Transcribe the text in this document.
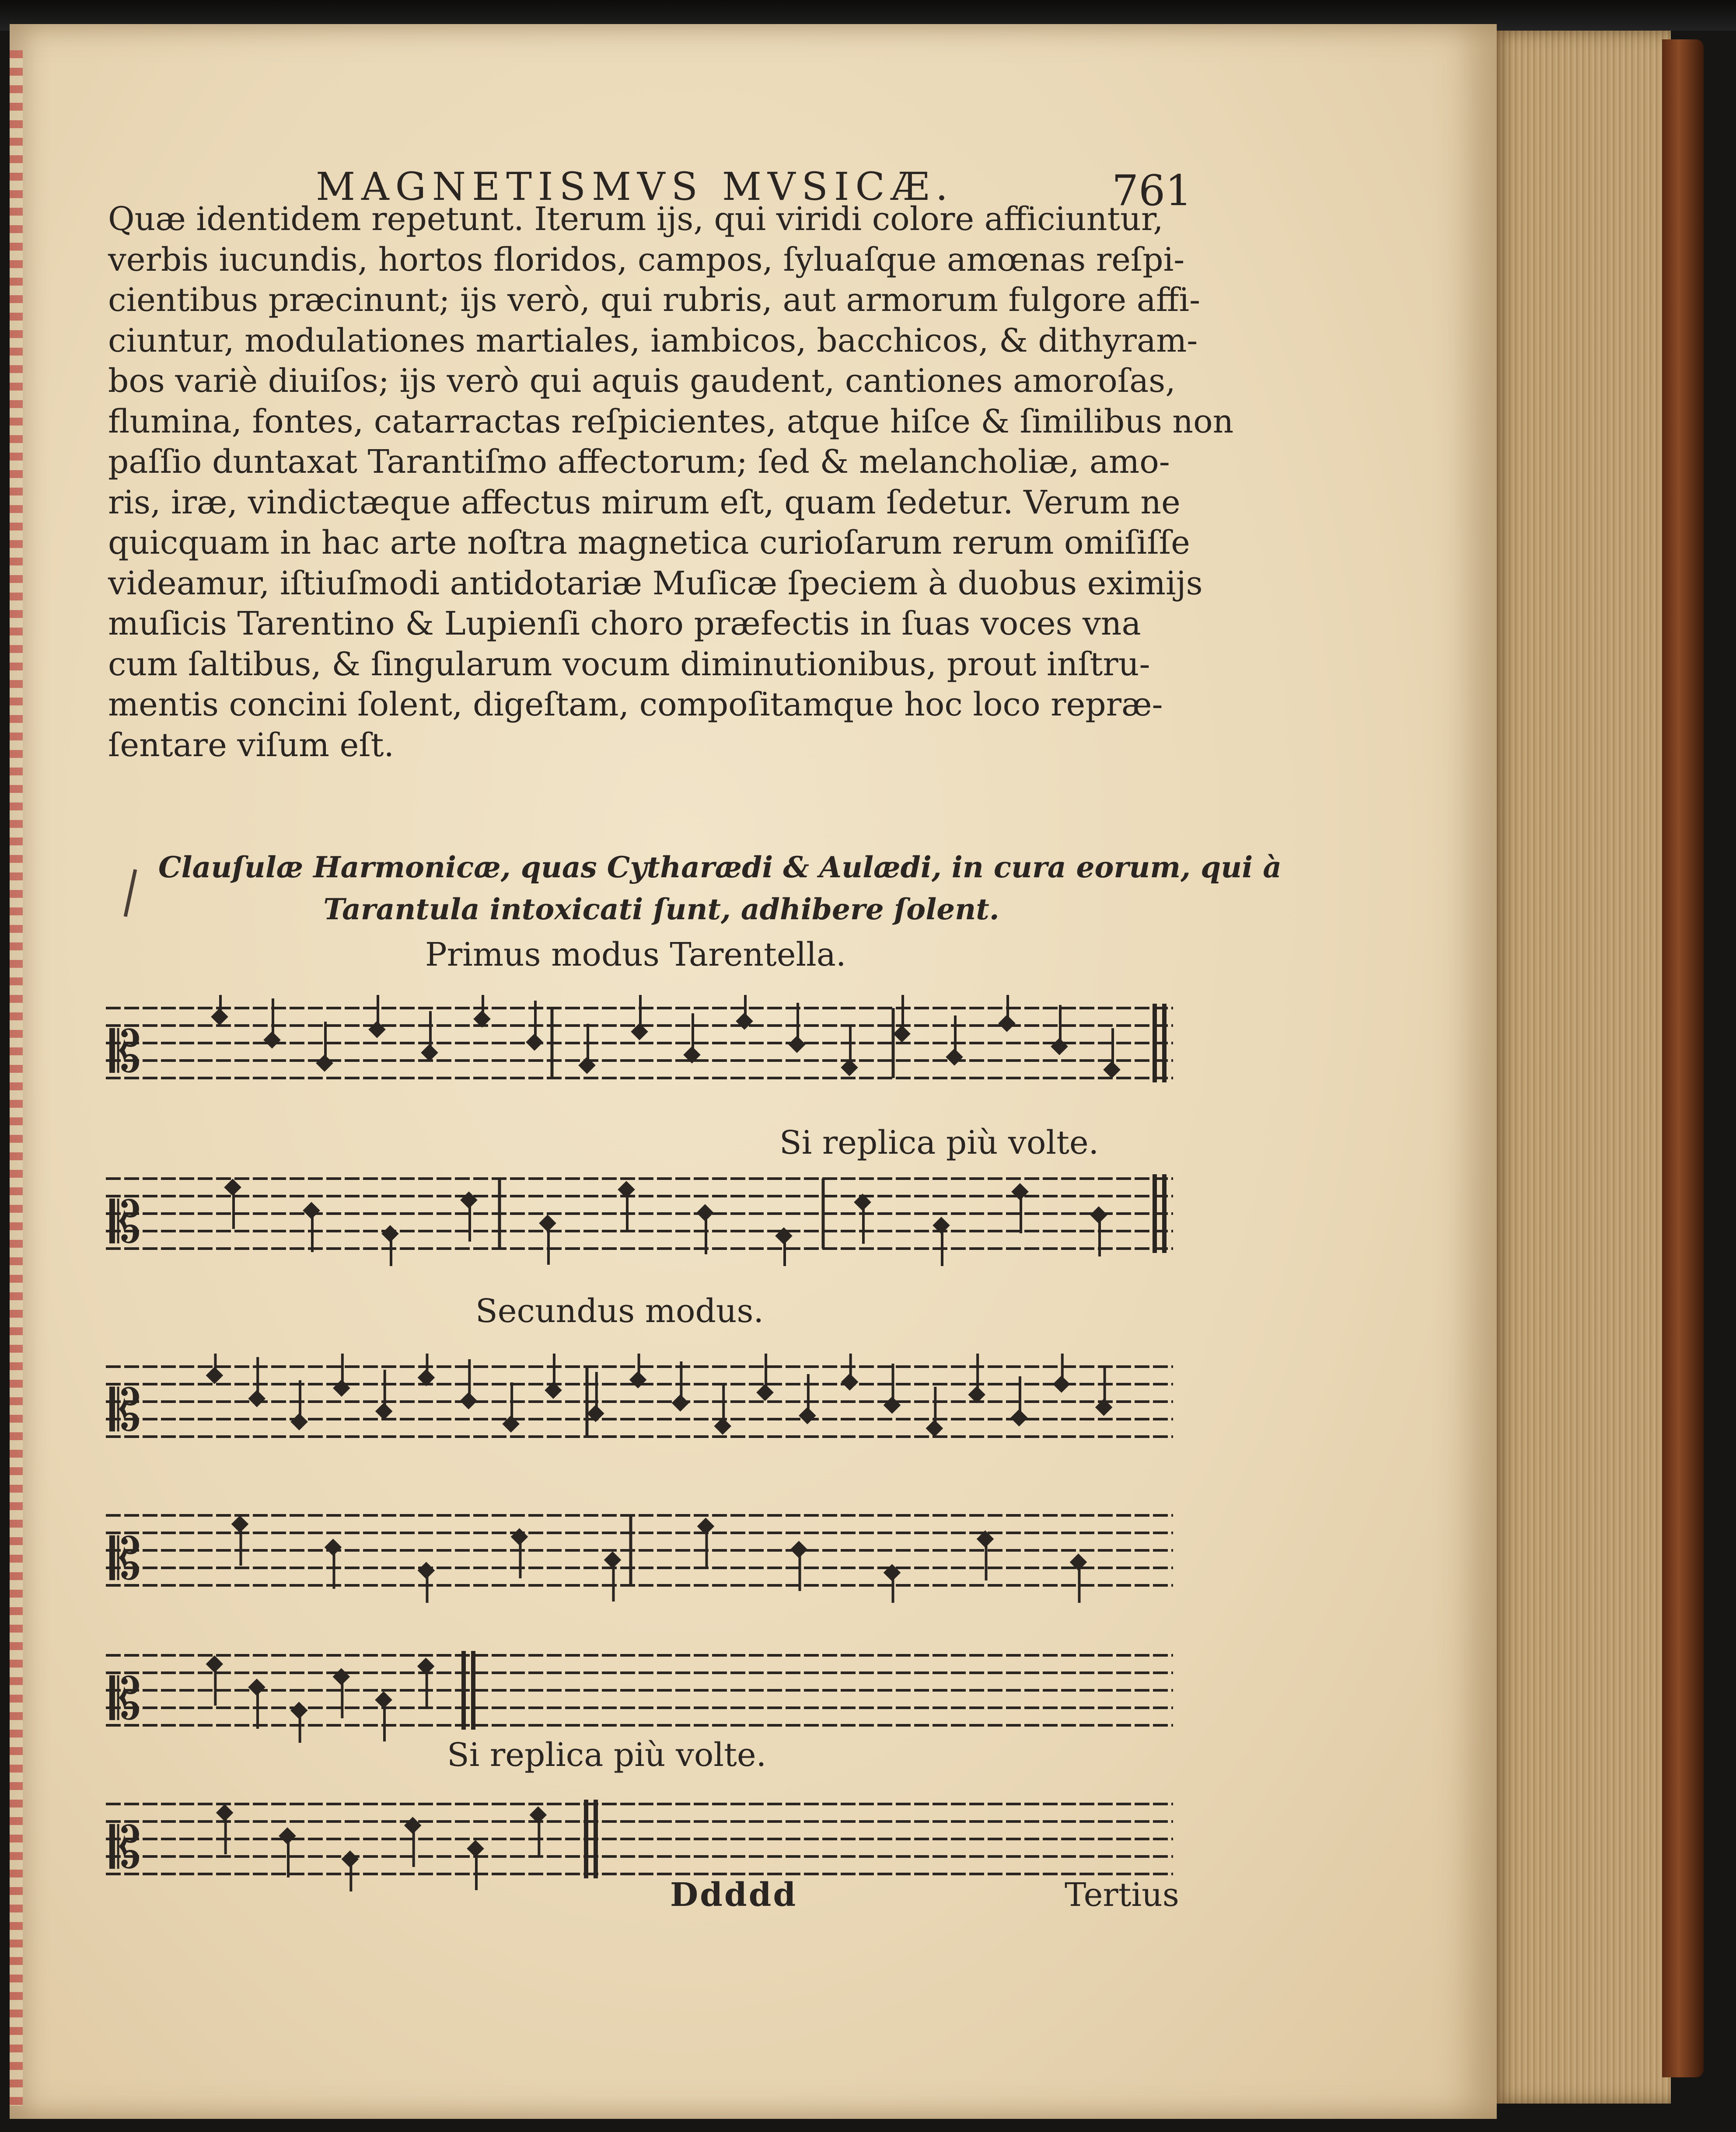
MAGNETISMVS MVSICÆ.	761
Quæ identidem repetunt. Iterum ijs, qui viridi colore afficiuntur,
verbis iucundis, hortos floridos, campos, ſyluaſque amœnas reſpi-
cientibus præcinunt; ijs verò, qui rubris, aut armorum fulgore affi-
ciuntur, modulationes martiales, iambicos, bacchicos, & dithyram-
bos variè diuiſos; ijs verò qui aquis gaudent, cantiones amoroſas,
flumina, fontes, catarractas reſpicientes, atque hiſce & ſimilibus non
paſſio duntaxat Tarantiſmo affectorum; ſed & melancholiæ, amo-
ris, iræ, vindictæque affectus mirum eſt, quam ſedetur. Verum ne
quicquam in hac arte noſtra magnetica curioſarum rerum omiſiſſe
videamur, iſtiuſmodi antidotariæ Muſicæ ſpeciem à duobus eximijs
muſicis Tarentino & Lupienſi choro præfectis in ſuas voces vna
cum ſaltibus, & ſingularum vocum diminutionibus, prout inſtru-
mentis concini ſolent, digeſtam, compoſitamque hoc loco repræ-
ſentare viſum eſt.
Clauſulæ Harmonicæ, quas Cytharædi & Aulædi, in cura eorum, qui à
Tarantula intoxicati ſunt, adhibere ſolent.
Primus modus Tarentella.
𝄡
Si replica più volte.
𝄡
Secundus modus.
𝄡
𝄡
𝄡
Si replica più volte.
𝄡
Ddddd	Tertius
